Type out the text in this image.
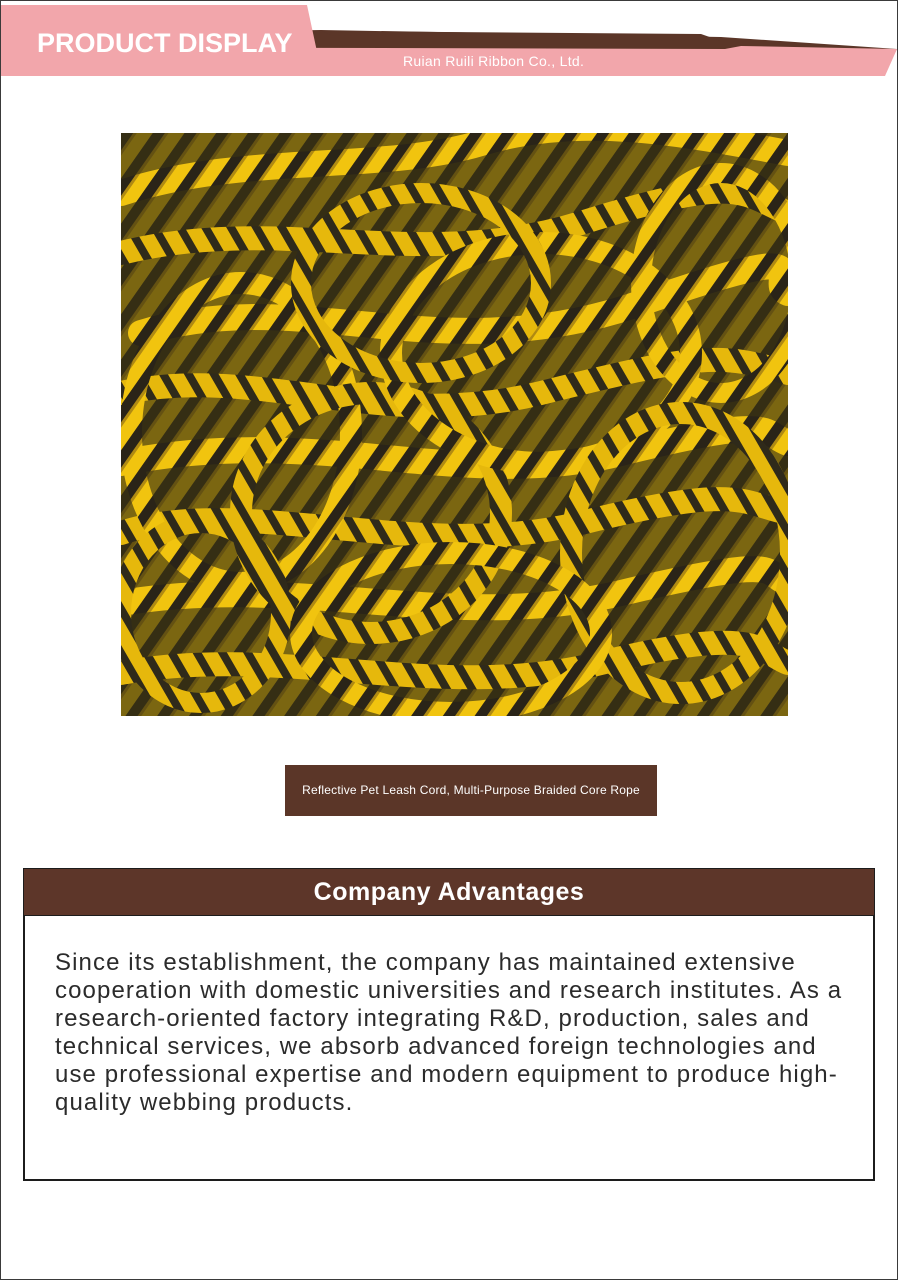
PRODUCT DISPLAY
Ruian Ruili Ribbon Co., Ltd.
Reflective Pet Leash Cord, Multi-Purpose Braided Core Rope
Company Advantages

Since its establishment, the company has maintained extensive cooperation with domestic universities and research institutes. As a research-oriented factory integrating R&D, production, sales and technical services, we absorb advanced foreign technologies and use professional expertise and modern equipment to produce high-quality webbing products.
